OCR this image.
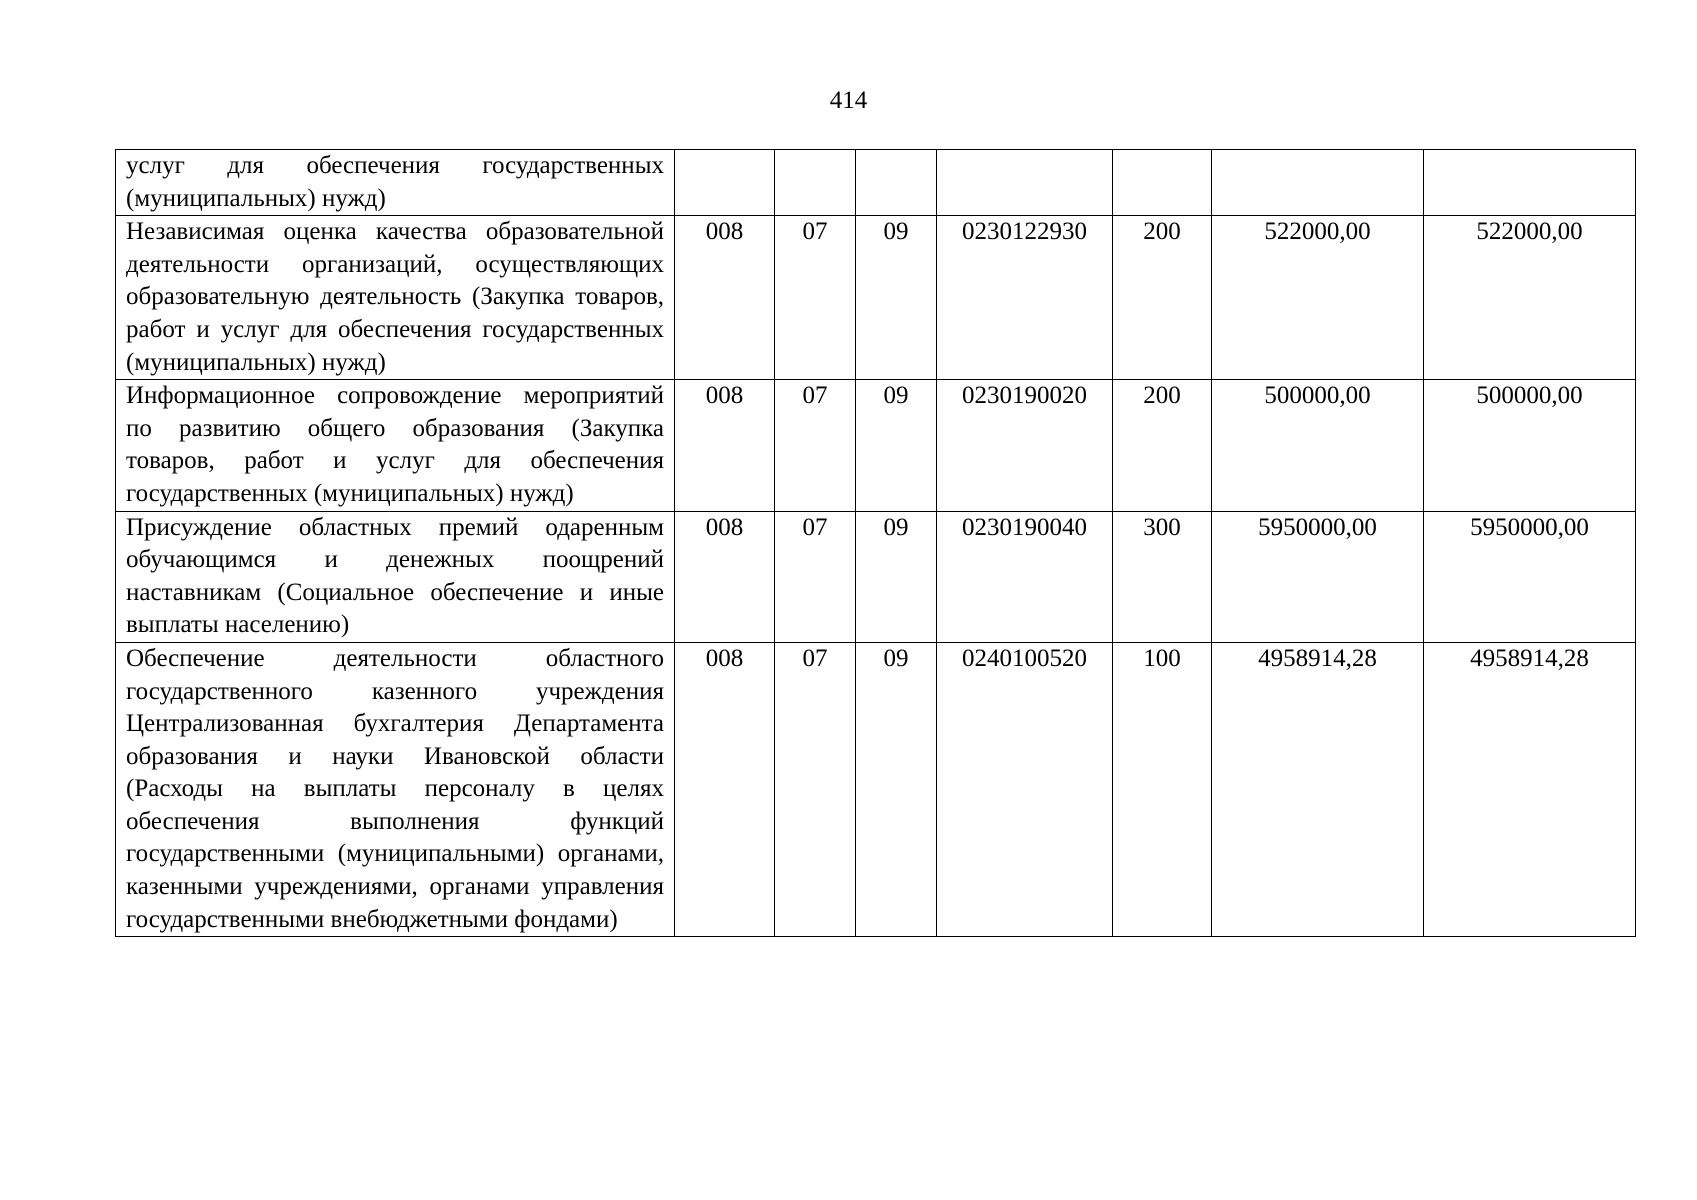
414
услуг для обеспечения государственных (муниципальных) нужд)							
Независимая оценка качества образовательной деятельности организаций, осуществляющих образовательную деятельность (Закупка товаров, работ и услуг для обеспечения государственных (муниципальных) нужд)	008	07	09	0230122930	200	522000,00	522000,00
Информационное сопровождение мероприятий по развитию общего образования (Закупка товаров, работ и услуг для обеспечения государственных (муниципальных) нужд)	008	07	09	0230190020	200	500000,00	500000,00
Присуждение областных премий одаренным обучающимся и денежных поощрений наставникам (Социальное обеспечение и иные выплаты населению)	008	07	09	0230190040	300	5950000,00	5950000,00
Обеспечение деятельности областного государственного казенного учреждения Централизованная бухгалтерия Департамента образования и науки Ивановской области (Расходы на выплаты персоналу в целях обеспечения выполнения функций государственными (муниципальными) органами, казенными учреждениями, органами управления государственными внебюджетными фондами)	008	07	09	0240100520	100	4958914,28	4958914,28
